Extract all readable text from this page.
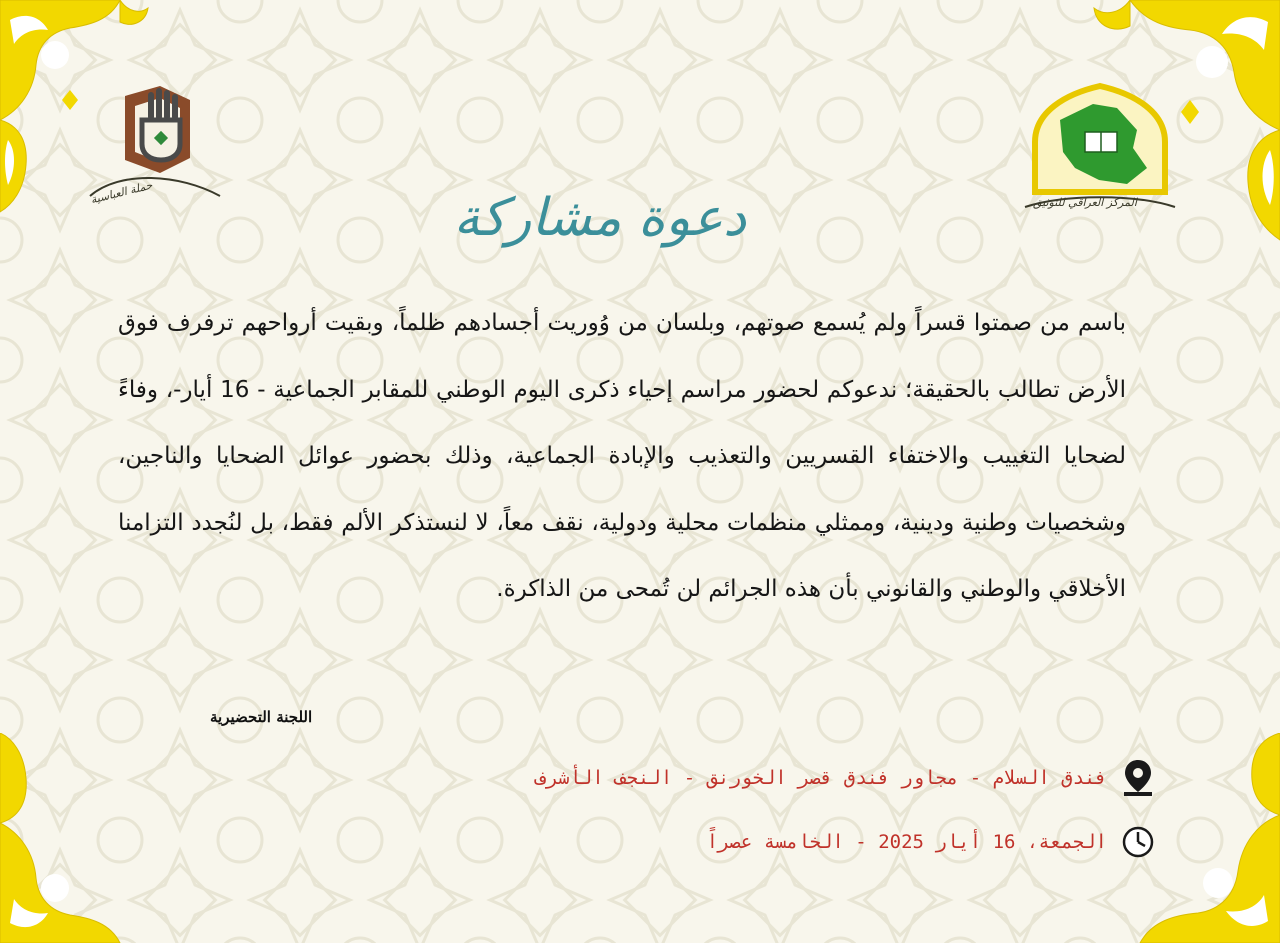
حملة العباسية	المركز العراقي للتوثيق
دعوة مشاركة

باسم من صمتوا قسراً ولم يُسمع صوتهم، وبلسان من وُوريت أجسادهم ظلماً، وبقيت أرواحهم ترفرف فوق الأرض تطالب بالحقيقة؛ ندعوكم لحضور مراسم إحياء ذكرى اليوم الوطني للمقابر الجماعية - 16 أيار-، وفاءً لضحايا التغييب والاختفاء القسريين والتعذيب والإبادة الجماعية، وذلك بحضور عوائل الضحايا والناجين، وشخصيات وطنية ودينية، وممثلي منظمات محلية ودولية، نقف معاً، لا لنستذكر الألم فقط، بل لنُجدد التزامنا الأخلاقي والوطني والقانوني بأن هذه الجرائم لن تُمحى من الذاكرة.

اللجنة التحضيرية
فندق السلام - مجاور فندق قصر الخورنق - النجف الأشرف
الجمعة، 16 أيار 2025 - الخامسة عصراً
